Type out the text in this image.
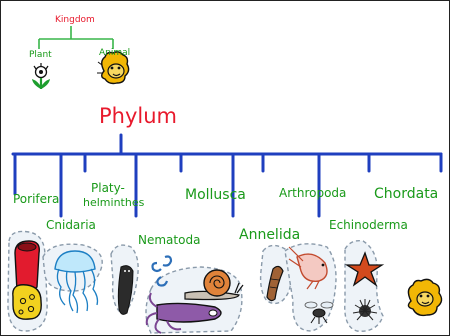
Kingdom
Plant	Animal
Phylum
Porifera
Cnidaria
Platy-
helminthes
Nematoda
Mollusca
Annelida
Arthropoda
Echinoderma
Chordata
